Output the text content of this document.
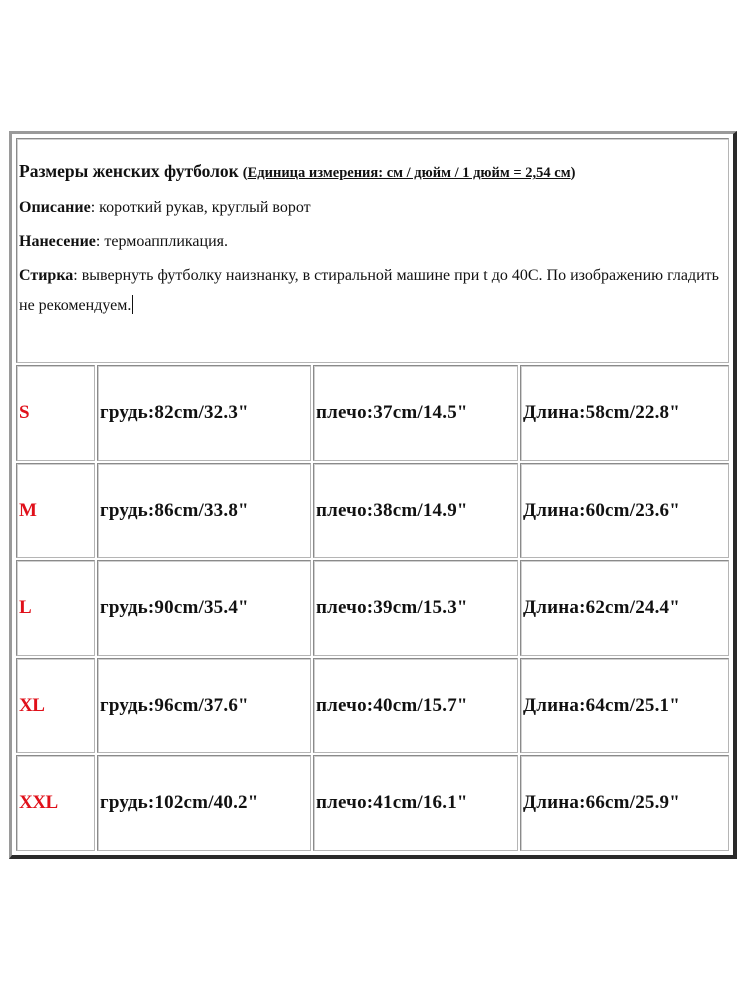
Размеры женских футболок (Единица измерения: см / дюйм / 1 дюйм = 2,54 см)
Описание: короткий рукав, круглый ворот
Нанесение: термоаппликация.
Стирка: вывернуть футболку наизнанку, в стиральной машине при t до 40С. По изображению гладить не рекомендуем.			

S	грудь:82cm/32.3"	плечо:37cm/14.5"	Длина:58cm/22.8"
M	грудь:86cm/33.8"	плечо:38cm/14.9"	Длина:60cm/23.6"
L	грудь:90cm/35.4"	плечо:39cm/15.3"	Длина:62cm/24.4"
XL	грудь:96cm/37.6"	плечо:40cm/15.7"	Длина:64cm/25.1"
XXL	грудь:102cm/40.2"	плечо:41cm/16.1"	Длина:66cm/25.9"
